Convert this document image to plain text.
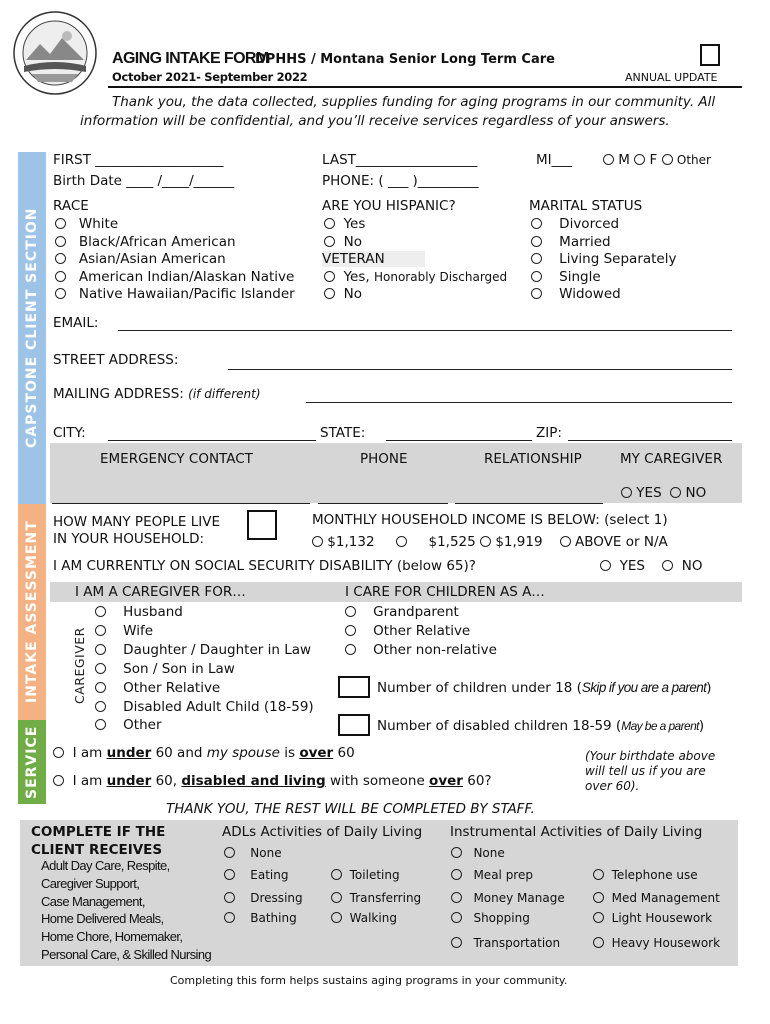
AGING INTAKE FORM
DPHHS / Montana Senior Long Term Care
October 2021- September 2022	ANNUAL UPDATE
Thank you, the data collected, supplies funding for aging programs in our community. All
information will be confidential, and you’ll receive services regardless of your answers.
CAPSTONE CLIENT SECTION
INTAKE ASSESSMENT
SERVICE
FIRST ___________________	LAST__________________	MI___	M F Other
Birth Date ____ /____/______	PHONE: ( ___ )_________
RACE
White
Black/African American
Asian/Asian American
American Indian/Alaskan Native
Native Hawaiian/Pacific Islander
ARE YOU HISPANIC?
Yes
No
VETERAN
Yes, Honorably Discharged
No
MARITAL STATUS
Divorced
Married
Living Separately
Single
Widowed
EMAIL:
STREET ADDRESS:
MAILING ADDRESS: (if different)
CITY:	STATE:	ZIP:
EMERGENCY CONTACT	PHONE	RELATIONSHIP	MY CAREGIVER
YES NO
HOW MANY PEOPLE LIVE
IN YOUR HOUSEHOLD:
MONTHLY HOUSEHOLD INCOME IS BELOW: (select 1)
$1,132	$1,525 $1,919 ABOVE or N/A
I AM CURRENTLY ON SOCIAL SECURITY DISABILITY (below 65)?	YES	NO
I AM A CAREGIVER FOR…	I CARE FOR CHILDREN AS A…
CAREGIVER
Husband
Wife
Daughter / Daughter in Law
Son / Son in Law
Other Relative
Disabled Adult Child (18-59)
Other
Grandparent
Other Relative
Other non-relative
Number of children under 18 (Skip if you are a parent)
Number of disabled children 18-59 (May be a parent)
I am under 60 and my spouse is over 60
I am under 60, disabled and living with someone over 60?
(Your birthdate above
will tell us if you are
over 60).
THANK YOU, THE REST WILL BE COMPLETED BY STAFF.
COMPLETE IF THE
CLIENT RECEIVES
Adult Day Care, Respite,
Caregiver Support,
Case Management,
Home Delivered Meals,
Home Chore, Homemaker,
Personal Care, & Skilled Nursing
ADLs Activities of Daily Living Instrumental Activities of Daily Living
None
Eating	Toileting
Dressing	Transferring
Bathing	Walking
None
Meal prep	Telephone use
Money Manage	Med Management
Shopping	Light Housework
Transportation	Heavy Housework
Completing this form helps sustains aging programs in your community.
